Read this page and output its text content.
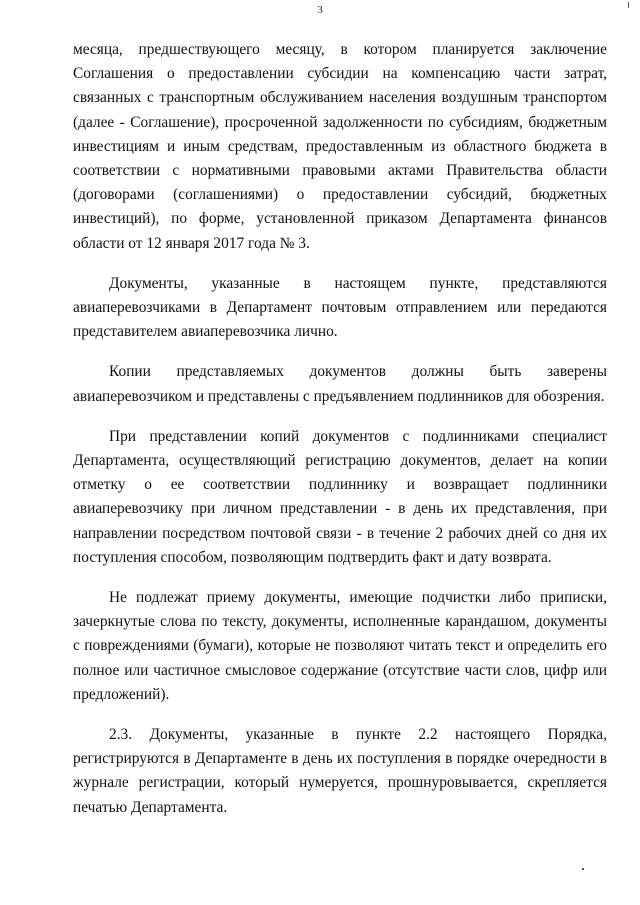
3

месяца, предшествующего месяцу, в котором планируется заключение Соглашения о предоставлении субсидии на компенсацию части затрат, связанных с транспортным обслуживанием населения воздушным транспортом (далее - Соглашение), просроченной задолженности по субсидиям, бюджетным инвестициям и иным средствам, предоставленным из областного бюджета в соответствии с нормативными правовыми актами Правительства области (договорами (соглашениями) о предоставлении субсидий, бюджетных инвестиций), по форме, установленной приказом Департамента финансов области от 12 января 2017 года № 3.

Документы, указанные в настоящем пункте, представляются авиаперевозчиками в Департамент почтовым отправлением или передаются представителем авиаперевозчика лично.

Копии представляемых документов должны быть заверены авиаперевозчиком и представлены с предъявлением подлинников для обозрения.

При представлении копий документов с подлинниками специалист Департамента, осуществляющий регистрацию документов, делает на копии отметку о ее соответствии подлиннику и возвращает подлинники авиаперевозчику при личном представлении - в день их представления, при направлении посредством почтовой связи - в течение 2 рабочих дней со дня их поступления способом, позволяющим подтвердить факт и дату возврата.

Не подлежат приему документы, имеющие подчистки либо приписки, зачеркнутые слова по тексту, документы, исполненные карандашом, документы с повреждениями (бумаги), которые не позволяют читать текст и определить его полное или частичное смысловое содержание (отсутствие части слов, цифр или предложений).

2.3. Документы, указанные в пункте 2.2 настоящего Порядка, регистрируются в Департаменте в день их поступления в порядке очередности в журнале регистрации, который нумеруется, прошнуровывается, скрепляется печатью Департамента.
